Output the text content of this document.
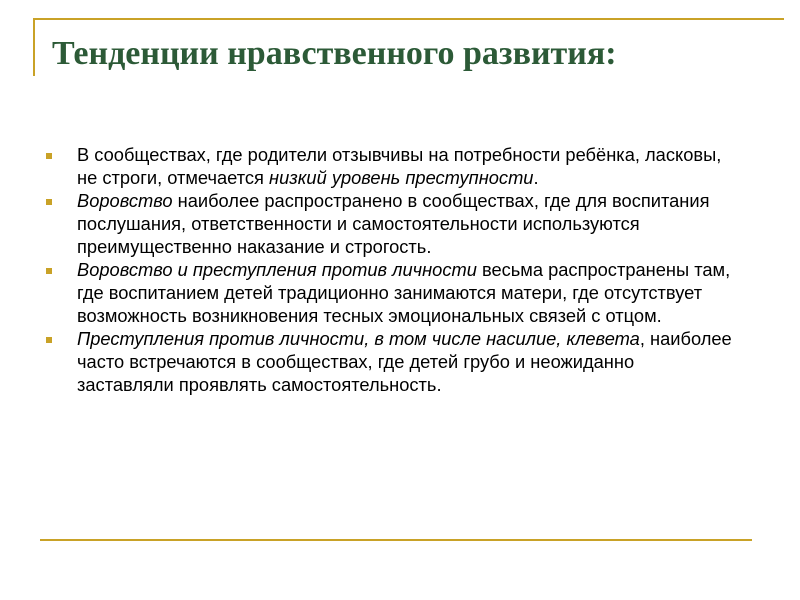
Тенденции нравственного развития:
В сообществах, где родители отзывчивы на потребности ребёнка, ласковы, не строги, отмечается низкий уровень преступности.
Воровство наиболее распространено в сообществах, где для воспитания послушания, ответственности и самостоятельности используются преимущественно наказание и строгость.
Воровство и преступления против личности весьма распространены там, где воспитанием детей традиционно занимаются матери, где отсутствует возможность возникновения тесных эмоциональных связей с отцом.
Преступления против личности, в том числе насилие, клевета, наиболее часто встречаются в сообществах, где детей грубо и неожиданно заставляли проявлять самостоятельность.
